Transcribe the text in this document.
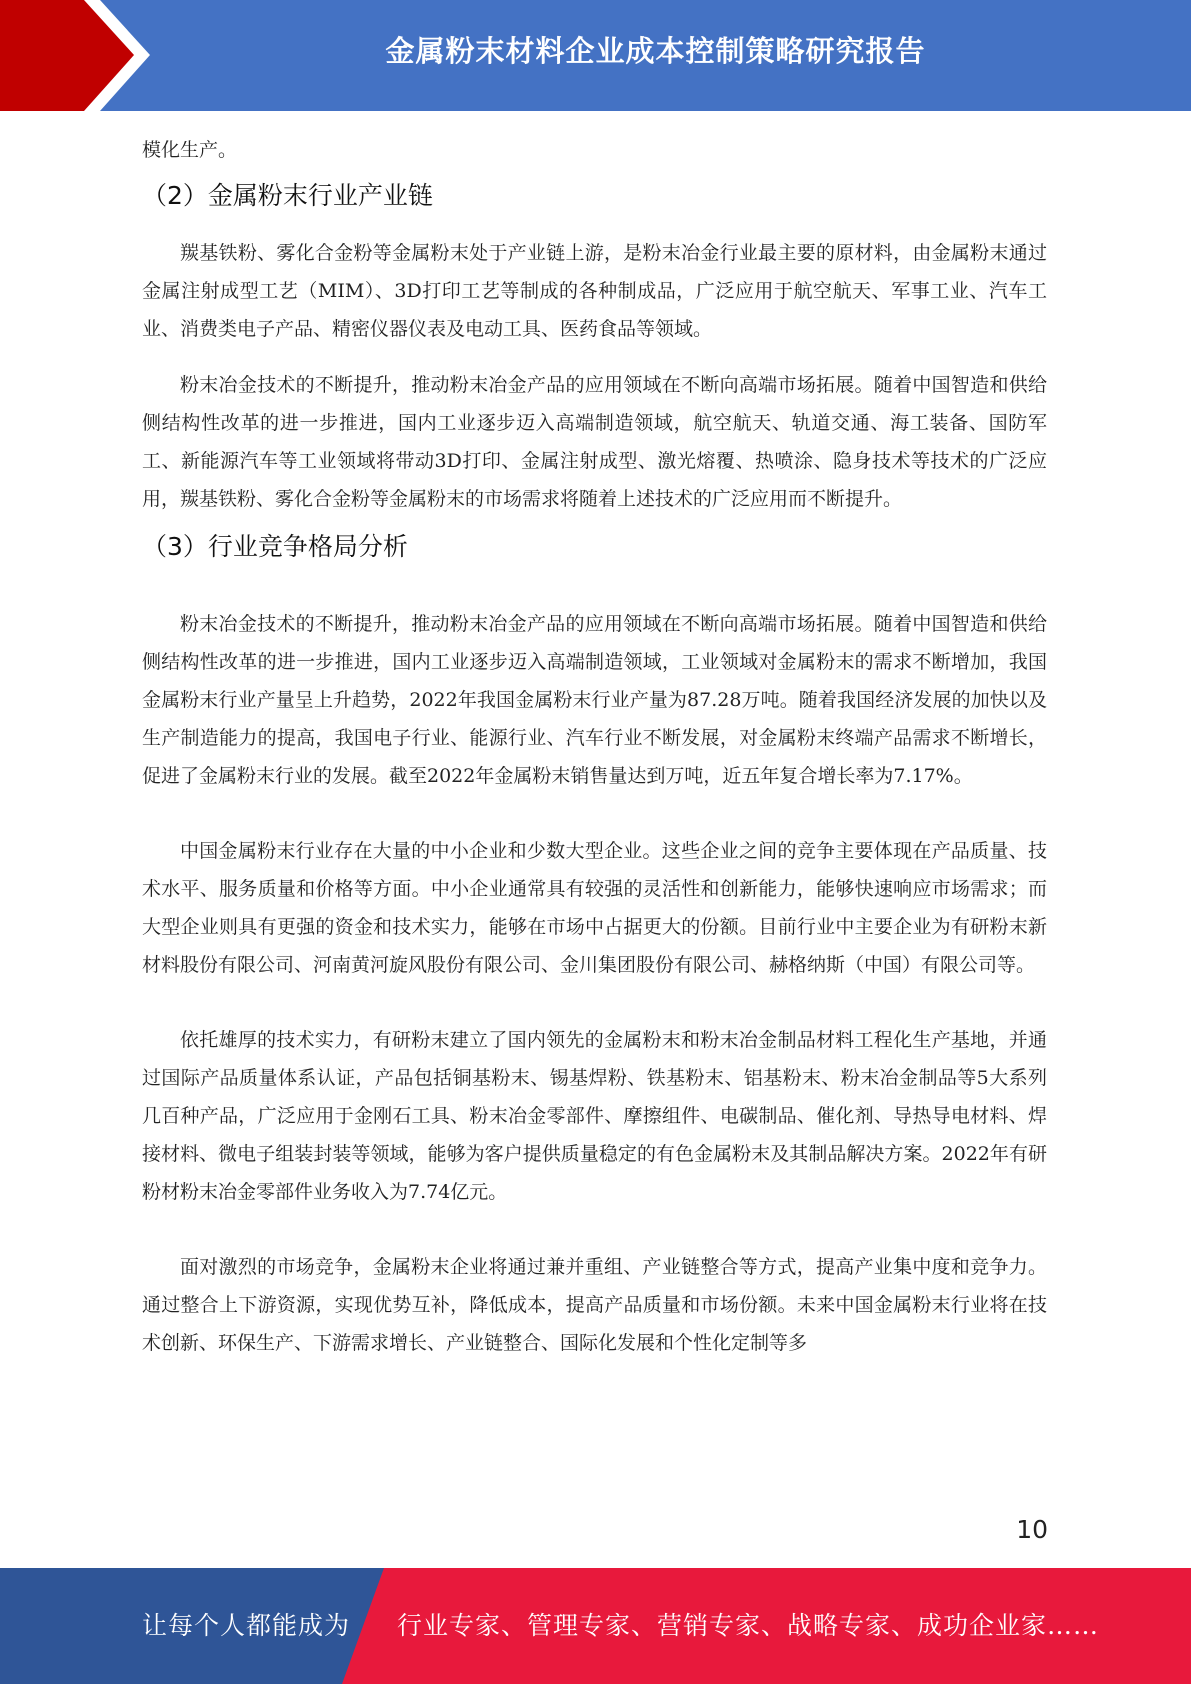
金属粉末材料企业成本控制策略研究报告

模化生产。

（2）金属粉末行业产业链

羰基铁粉、雾化合金粉等金属粉末处于产业链上游，是粉末冶金行业最主要的原材料，由金属粉末通过金属注射成型工艺（MIM）、3D打印工艺等制成的各种制成品，广泛应用于航空航天、军事工业、汽车工业、消费类电子产品、精密仪器仪表及电动工具、医药食品等领域。

粉末冶金技术的不断提升，推动粉末冶金产品的应用领域在不断向高端市场拓展。随着中国智造和供给侧结构性改革的进一步推进，国内工业逐步迈入高端制造领域，航空航天、轨道交通、海工装备、国防军工、新能源汽车等工业领域将带动3D打印、金属注射成型、激光熔覆、热喷涂、隐身技术等技术的广泛应用，羰基铁粉、雾化合金粉等金属粉末的市场需求将随着上述技术的广泛应用而不断提升。

（3）行业竞争格局分析

粉末冶金技术的不断提升，推动粉末冶金产品的应用领域在不断向高端市场拓展。随着中国智造和供给侧结构性改革的进一步推进，国内工业逐步迈入高端制造领域，工业领域对金属粉末的需求不断增加，我国金属粉末行业产量呈上升趋势，2022年我国金属粉末行业产量为87.28万吨。随着我国经济发展的加快以及生产制造能力的提高，我国电子行业、能源行业、汽车行业不断发展，对金属粉末终端产品需求不断增长，促进了金属粉末行业的发展。截至2022年金属粉末销售量达到万吨，近五年复合增长率为7.17%。

中国金属粉末行业存在大量的中小企业和少数大型企业。这些企业之间的竞争主要体现在产品质量、技术水平、服务质量和价格等方面。中小企业通常具有较强的灵活性和创新能力，能够快速响应市场需求；而大型企业则具有更强的资金和技术实力，能够在市场中占据更大的份额。目前行业中主要企业为有研粉末新材料股份有限公司、河南黄河旋风股份有限公司、金川集团股份有限公司、赫格纳斯（中国）有限公司等。

依托雄厚的技术实力，有研粉末建立了国内领先的金属粉末和粉末冶金制品材料工程化生产基地，并通过国际产品质量体系认证，产品包括铜基粉末、锡基焊粉、铁基粉末、铝基粉末、粉末冶金制品等5大系列几百种产品，广泛应用于金刚石工具、粉末冶金零部件、摩擦组件、电碳制品、催化剂、导热导电材料、焊接材料、微电子组装封装等领域，能够为客户提供质量稳定的有色金属粉末及其制品解决方案。2022年有研粉材粉末冶金零部件业务收入为7.74亿元。

面对激烈的市场竞争，金属粉末企业将通过兼并重组、产业链整合等方式，提高产业集中度和竞争力。通过整合上下游资源，实现优势互补，降低成本，提高产品质量和市场份额。未来中国金属粉末行业将在技术创新、环保生产、下游需求增长、产业链整合、国际化发展和个性化定制等多

10
让每个人都能成为 行业专家、管理专家、营销专家、战略专家、成功企业家……
